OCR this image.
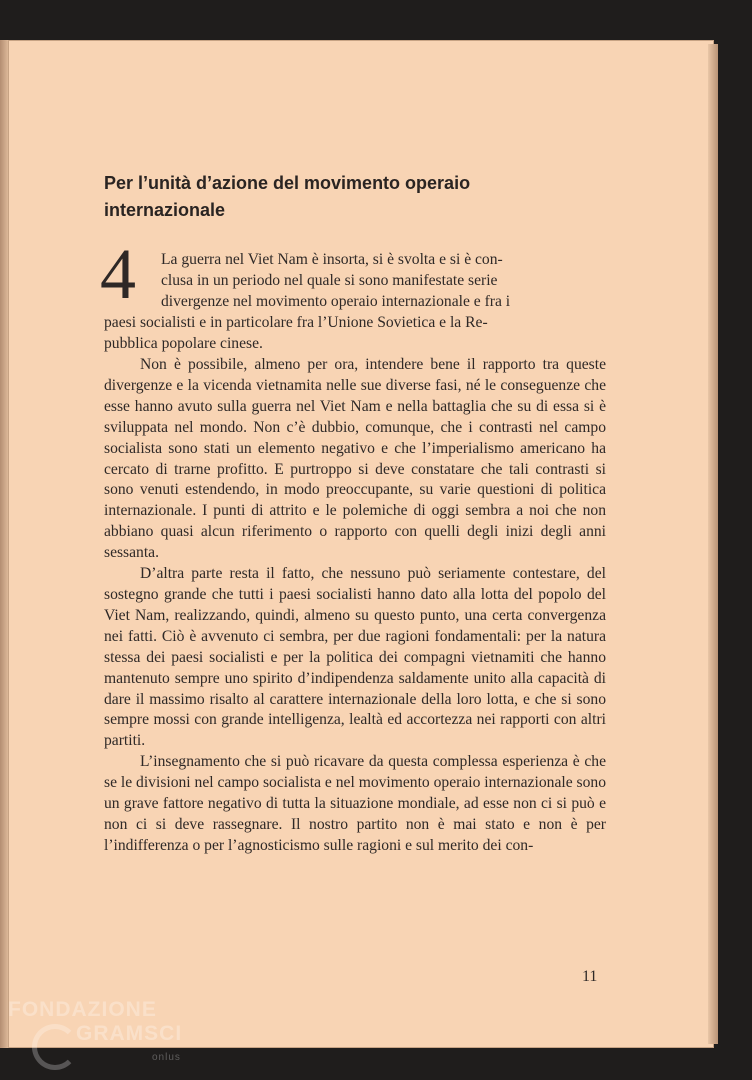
Per l’unità d’azione del movimento operaio internazionale
4 La guerra nel Viet Nam è insorta, si è svolta e si è con-
clusa in un periodo nel quale si sono manifestate serie
divergenze nel movimento operaio internazionale e fra i
paesi socialisti e in particolare fra l’Unione Sovietica e la Re-
pubblica popolare cinese.

Non è possibile, almeno per ora, intendere bene il rapporto tra queste divergenze e la vicenda vietnamita nelle sue diverse fasi, né le conseguenze che esse hanno avuto sulla guerra nel Viet Nam e nella battaglia che su di essa si è sviluppata nel mondo. Non c’è dubbio, comunque, che i contrasti nel campo socialista sono stati un elemento negativo e che l’imperialismo americano ha cercato di trarne profitto. E purtroppo si deve constatare che tali contrasti si sono venuti estendendo, in modo preoccupante, su varie questioni di politica internazionale. I punti di attrito e le polemiche di oggi sembra a noi che non abbiano quasi alcun riferimento o rapporto con quelli degli inizi degli anni sessanta.

D’altra parte resta il fatto, che nessuno può seriamente contestare, del sostegno grande che tutti i paesi socialisti hanno dato alla lotta del popolo del Viet Nam, realizzando, quindi, almeno su questo punto, una certa convergenza nei fatti. Ciò è avvenuto ci sembra, per due ragioni fondamentali: per la natura stessa dei paesi socialisti e per la politica dei compagni vietnamiti che hanno mantenuto sempre uno spirito d’indipendenza saldamente unito alla capacità di dare il massimo risalto al carattere internazionale della loro lotta, e che si sono sempre mossi con grande intelligenza, lealtà ed accortezza nei rapporti con altri partiti.

L’insegnamento che si può ricavare da questa complessa esperienza è che se le divisioni nel campo socialista e nel movimento operaio internazionale sono un grave fattore negativo di tutta la situazione mondiale, ad esse non ci si può e non ci si deve rassegnare. Il nostro partito non è mai stato e non è per l’indifferenza o per l’agnosticismo sulle ragioni e sul merito dei con-

11
FONDAZIONE
GRAMSCI
onlus
